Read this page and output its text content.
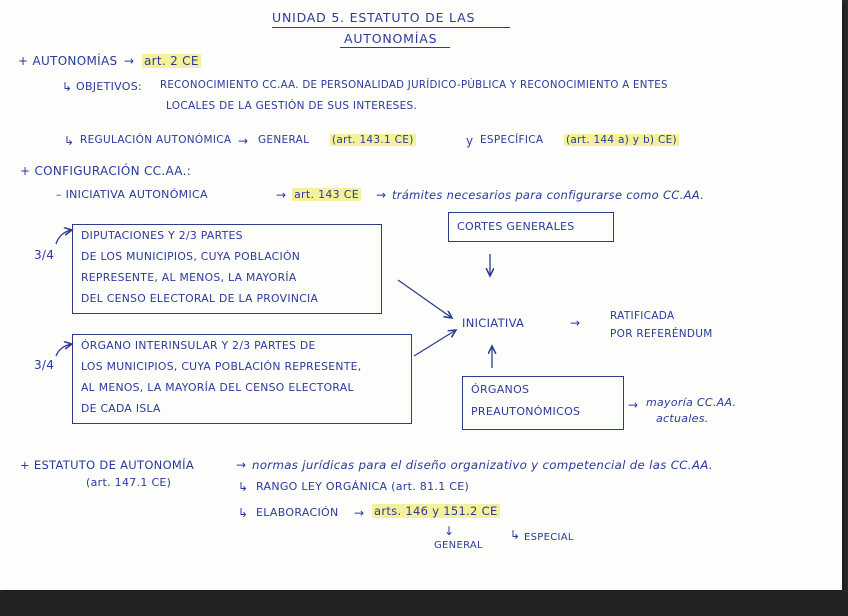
UNIDAD 5. ESTATUTO DE LAS
AUTONOMÍAS
+ AUTONOMÍAS → art. 2 CE
↳ OBJETIVOS: RECONOCIMIENTO CC.AA. DE PERSONALIDAD JURÍDICO-PÚBLICA Y RECONOCIMIENTO A ENTES
LOCALES DE LA GESTIÓN DE SUS INTERESES.
↳ REGULACIÓN AUTONÓMICA → GENERAL (art. 143.1 CE)	y ESPECÍFICA (art. 144 a) y b) CE)
+ CONFIGURACIÓN CC.AA.:
– INICIATIVA AUTONÓMICA	→ art. 143 CE → trámites necesarios para configurarse como CC.AA.
3/4
3/4
DIPUTACIONES Y 2/3 PARTES
DE LOS MUNICIPIOS, CUYA POBLACIÓN
REPRESENTE, AL MENOS, LA MAYORÍA
DEL CENSO ELECTORAL DE LA PROVINCIA
ÓRGANO INTERINSULAR Y 2/3 PARTES DE
LOS MUNICIPIOS, CUYA POBLACIÓN REPRESENTE,
AL MENOS, LA MAYORÍA DEL CENSO ELECTORAL
DE CADA ISLA
CORTES GENERALES
INICIATIVA	→	RATIFICADA
POR REFERÉNDUM
ÓRGANOS
PREAUTONÓMICOS	→ mayoría CC.AA.
actuales.
+ ESTATUTO DE AUTONOMÍA	→ normas jurídicas para el diseño organizativo y competencial de las CC.AA.
(art. 147.1 CE)	↳ RANGO LEY ORGÁNICA (art. 81.1 CE)
↳ ELABORACIÓN → arts. 146 y 151.2 CE
↓
GENERAL
↳ ESPECIAL
